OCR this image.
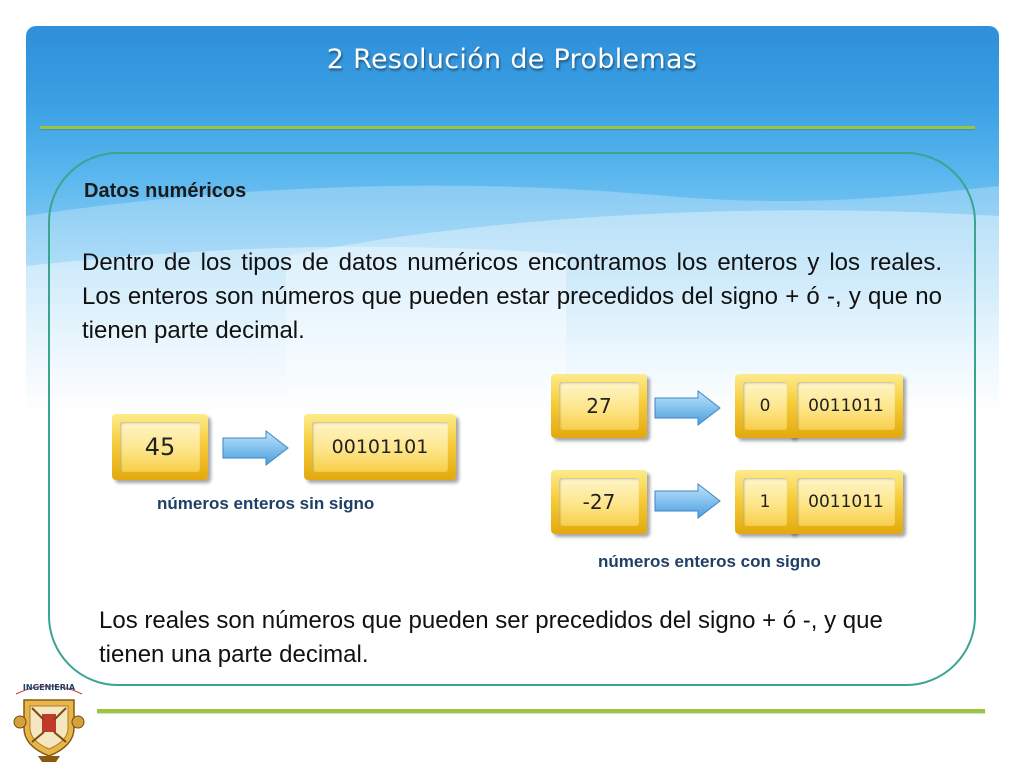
2 Resolución de Problemas
Datos numéricos
Dentro de los tipos de datos numéricos encontramos los enteros y los reales. Los enteros son números que pueden estar precedidos del signo + ó -, y que no tienen parte decimal.
45	00101101
números enteros sin signo
27	0	0011011
-27	1	0011011
números enteros con signo
Los reales son números que pueden ser precedidos del signo + ó -, y que tienen una parte decimal.
INGENIERIA
